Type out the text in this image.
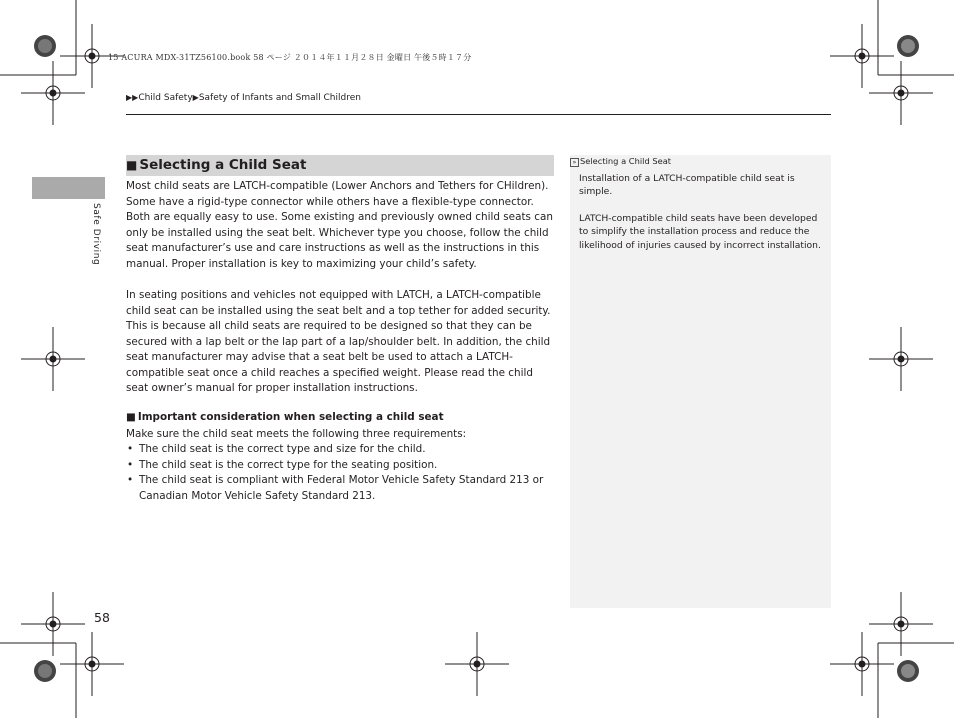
15 ACURA MDX-31TZ56100.book 58 ページ ２０１４年１１月２８日 金曜日 午後５時１７分
▶▶Child Safety▶Safety of Infants and Small Children
Safe Driving
■ Selecting a Child Seat
Most child seats are LATCH-compatible (Lower Anchors and Tethers for CHildren). Some have a rigid-type connector while others have a flexible-type connector. Both are equally easy to use. Some existing and previously owned child seats can only be installed using the seat belt. Whichever type you choose, follow the child seat manufacturer’s use and care instructions as well as the instructions in this manual. Proper installation is key to maximizing your child’s safety.
In seating positions and vehicles not equipped with LATCH, a LATCH-compatible child seat can be installed using the seat belt and a top tether for added security. This is because all child seats are required to be designed so that they can be secured with a lap belt or the lap part of a lap/shoulder belt. In addition, the child seat manufacturer may advise that a seat belt be used to attach a LATCH-compatible seat once a child reaches a specified weight. Please read the child seat owner’s manual for proper installation instructions.
■ Important consideration when selecting a child seat
Make sure the child seat meets the following three requirements:
• The child seat is the correct type and size for the child.
• The child seat is the correct type for the seating position.
• The child seat is compliant with Federal Motor Vehicle Safety Standard 213 or Canadian Motor Vehicle Safety Standard 213.
» Selecting a Child Seat
Installation of a LATCH-compatible child seat is simple.
LATCH-compatible child seats have been developed to simplify the installation process and reduce the likelihood of injuries caused by incorrect installation.
58
